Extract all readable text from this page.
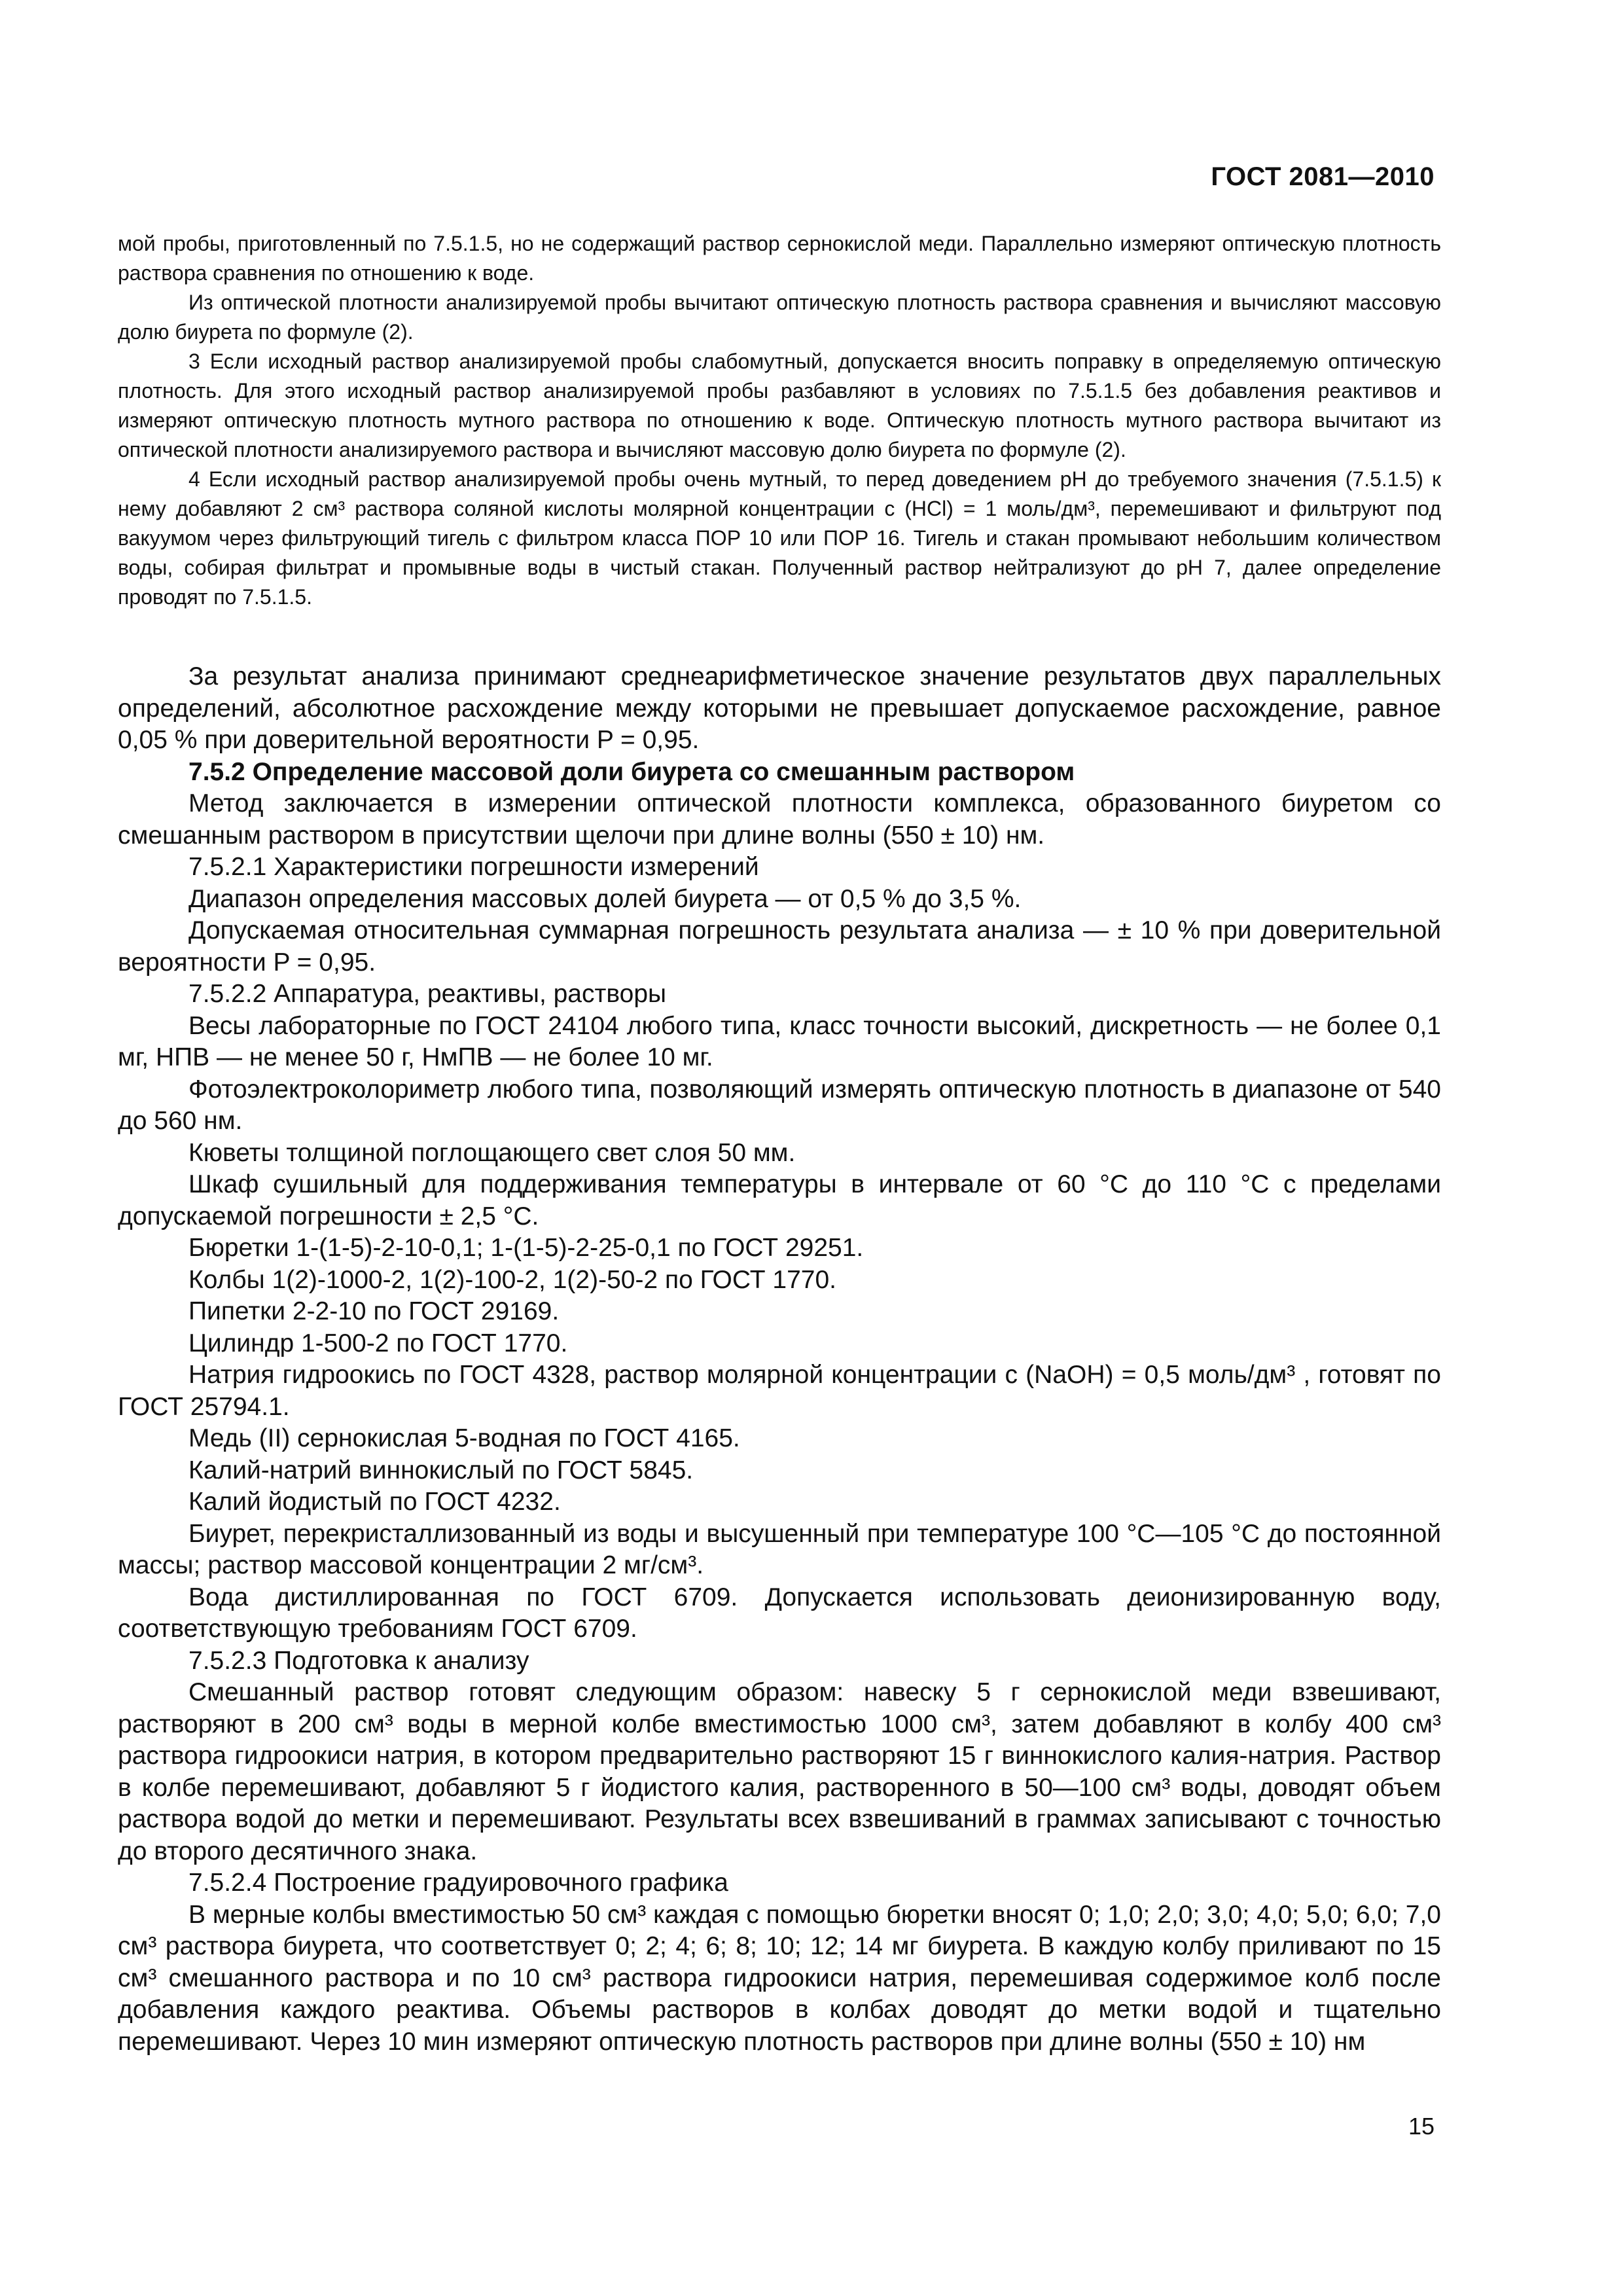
ГОСТ 2081—2010

мой пробы, приготовленный по 7.5.1.5, но не содержащий раствор сернокислой меди. Параллельно измеряют оптическую плотность раствора сравнения по отношению к воде.

Из оптической плотности анализируемой пробы вычитают оптическую плотность раствора сравнения и вычисляют массовую долю биурета по формуле (2).

3 Если исходный раствор анализируемой пробы слабомутный, допускается вносить поправку в определяемую оптическую плотность. Для этого исходный раствор анализируемой пробы разбавляют в условиях по 7.5.1.5 без добавления реактивов и измеряют оптическую плотность мутного раствора по отношению к воде. Оптическую плотность мутного раствора вычитают из оптической плотности анализируемого раствора и вычисляют массовую долю биурета по формуле (2).

4 Если исходный раствор анализируемой пробы очень мутный, то перед доведением pH до требуемого значения (7.5.1.5) к нему добавляют 2 см³ раствора соляной кислоты молярной концентрации c (HCl) = 1 моль/дм³, перемешивают и фильтруют под вакуумом через фильтрующий тигель с фильтром класса ПОР 10 или ПОР 16. Тигель и стакан промывают небольшим количеством воды, собирая фильтрат и промывные воды в чистый стакан. Полученный раствор нейтрализуют до pH 7, далее определение проводят по 7.5.1.5.

За результат анализа принимают среднеарифметическое значение результатов двух параллельных определений, абсолютное расхождение между которыми не превышает допускаемое расхождение, равное 0,05 % при доверительной вероятности P = 0,95.

7.5.2 Определение массовой доли биурета со смешанным раствором

Метод заключается в измерении оптической плотности комплекса, образованного биуретом со смешанным раствором в присутствии щелочи при длине волны (550 ± 10) нм.

7.5.2.1 Характеристики погрешности измерений

Диапазон определения массовых долей биурета — от 0,5 % до 3,5 %.

Допускаемая относительная суммарная погрешность результата анализа — ± 10 % при доверительной вероятности P = 0,95.

7.5.2.2 Аппаратура, реактивы, растворы

Весы лабораторные по ГОСТ 24104 любого типа, класс точности высокий, дискретность — не более 0,1 мг, НПВ — не менее 50 г, НмПВ — не более 10 мг.

Фотоэлектроколориметр любого типа, позволяющий измерять оптическую плотность в диапазоне от 540 до 560 нм.

Кюветы толщиной поглощающего свет слоя 50 мм.

Шкаф сушильный для поддерживания температуры в интервале от 60 °C до 110 °C с пределами допускаемой погрешности ± 2,5 °C.

Бюретки 1-(1-5)-2-10-0,1; 1-(1-5)-2-25-0,1 по ГОСТ 29251.

Колбы 1(2)-1000-2, 1(2)-100-2, 1(2)-50-2 по ГОСТ 1770.

Пипетки 2-2-10 по ГОСТ 29169.

Цилиндр 1-500-2 по ГОСТ 1770.

Натрия гидроокись по ГОСТ 4328, раствор молярной концентрации c (NaOH) = 0,5 моль/дм³ , готовят по ГОСТ 25794.1.

Медь (II) сернокислая 5-водная по ГОСТ 4165.

Калий-натрий виннокислый по ГОСТ 5845.

Калий йодистый по ГОСТ 4232.

Биурет, перекристаллизованный из воды и высушенный при температуре 100 °C—105 °C до постоянной массы; раствор массовой концентрации 2 мг/см³.

Вода дистиллированная по ГОСТ 6709. Допускается использовать деионизированную воду, соответствующую требованиям ГОСТ 6709.

7.5.2.3 Подготовка к анализу

Смешанный раствор готовят следующим образом: навеску 5 г сернокислой меди взвешивают, растворяют в 200 см³ воды в мерной колбе вместимостью 1000 см³, затем добавляют в колбу 400 см³ раствора гидроокиси натрия, в котором предварительно растворяют 15 г виннокислого калия-натрия. Раствор в колбе перемешивают, добавляют 5 г йодистого калия, растворенного в 50—100 см³ воды, доводят объем раствора водой до метки и перемешивают. Результаты всех взвешиваний в граммах записывают с точностью до второго десятичного знака.

7.5.2.4 Построение градуировочного графика

В мерные колбы вместимостью 50 см³ каждая с помощью бюретки вносят 0; 1,0; 2,0; 3,0; 4,0; 5,0; 6,0; 7,0 см³ раствора биурета, что соответствует 0; 2; 4; 6; 8; 10; 12; 14 мг биурета. В каждую колбу приливают по 15 см³ смешанного раствора и по 10 см³ раствора гидроокиси натрия, перемешивая содержимое колб после добавления каждого реактива. Объемы растворов в колбах доводят до метки водой и тщательно перемешивают. Через 10 мин измеряют оптическую плотность растворов при длине волны (550 ± 10) нм

15
